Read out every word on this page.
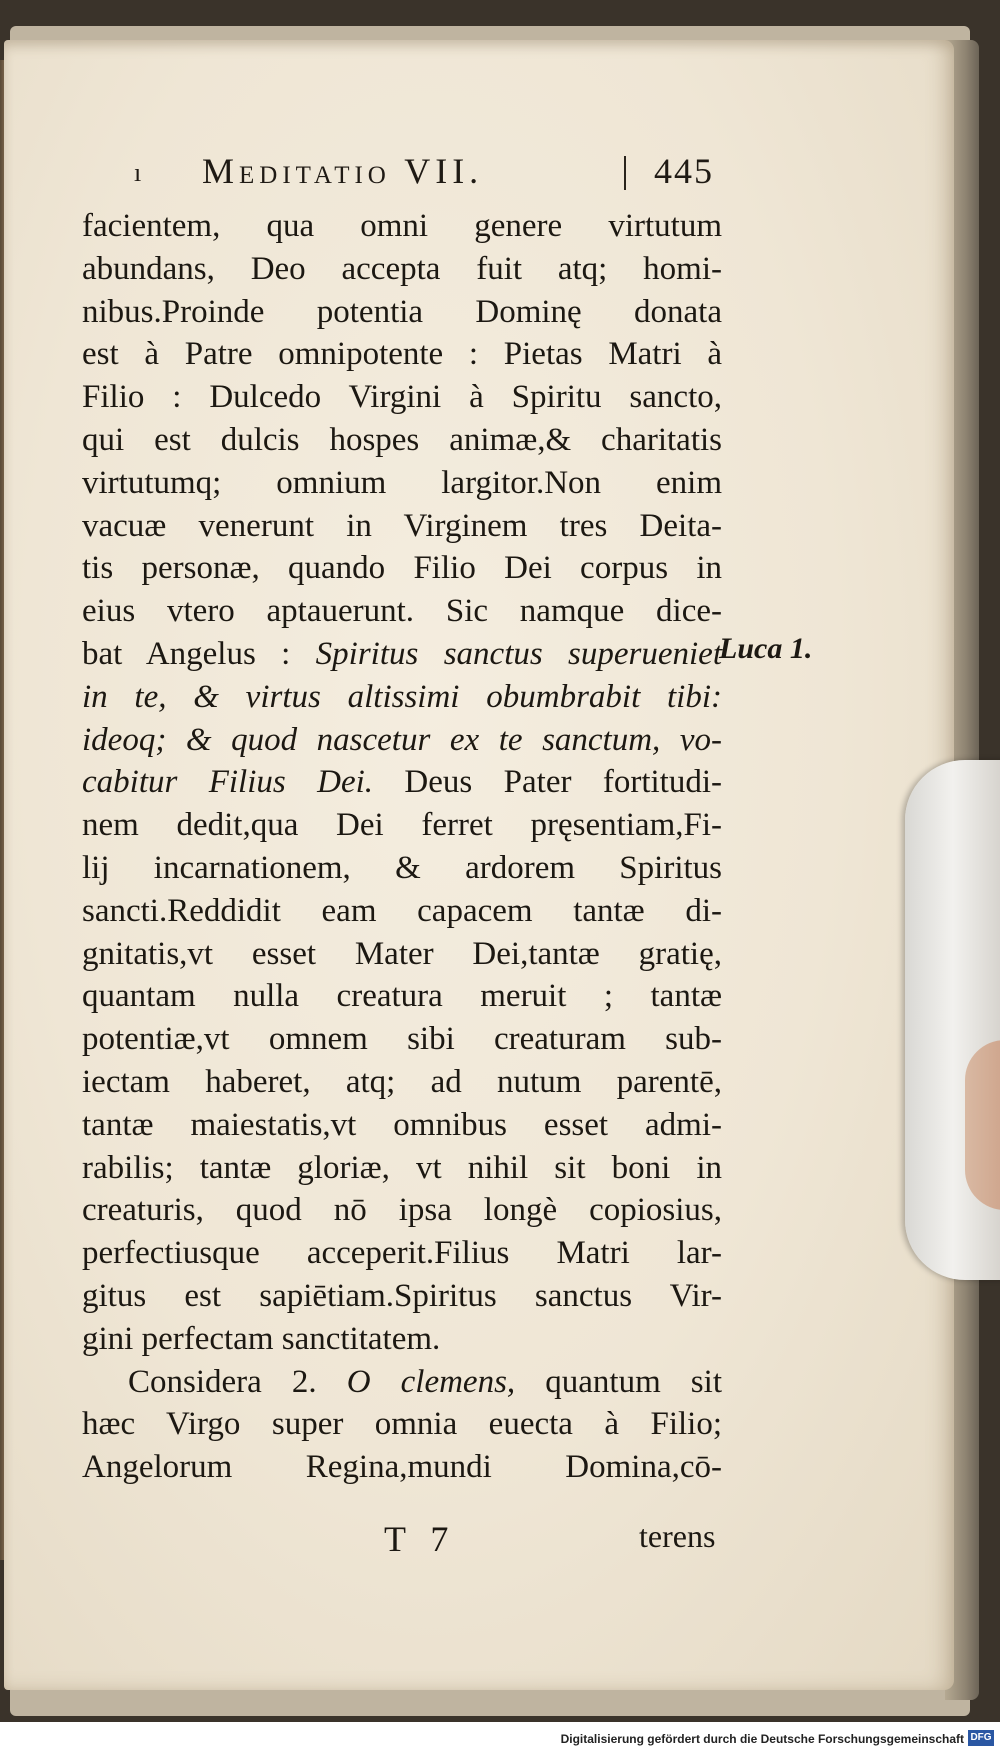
ı Meditatio VII.	445
facientem, qua omni genere virtutum
abundans, Deo accepta fuit atq; homi-
nibus.Proinde potentia Dominę donata
est à Patre omnipotente : Pietas Matri à
Filio : Dulcedo Virgini à Spiritu sancto,
qui est dulcis hospes animæ,& charitatis
virtutumq; omnium largitor.Non enim
vacuæ venerunt in Virginem tres Deita-
tis personæ, quando Filio Dei corpus in
eius vtero aptauerunt. Sic namque dice-
bat Angelus : Spiritus sanctus superueniet
in te, & virtus altissimi obumbrabit tibi:
ideoq; & quod nascetur ex te sanctum, vo-
cabitur Filius Dei. Deus Pater fortitudi-
nem dedit,qua Dei ferret pręsentiam,Fi-
lij incarnationem, & ardorem Spiritus
sancti.Reddidit eam capacem tantæ di-
gnitatis,vt esset Mater Dei,tantæ gratię,
quantam nulla creatura meruit ; tantæ
potentiæ,vt omnem sibi creaturam sub-
iectam haberet, atq; ad nutum parentē,
tantæ maiestatis,vt omnibus esset admi-
rabilis; tantæ gloriæ, vt nihil sit boni in
creaturis, quod nō ipsa longè copiosius,
perfectiusque acceperit.Filius Matri lar-
gitus est sapiētiam.Spiritus sanctus Vir-
gini perfectam sanctitatem.
Considera 2. O clemens, quantum sit
hæc Virgo super omnia euecta à Filio;
Angelorum Regina,mundi Domina,cō-
Luca 1.
T 7	terens
Digitalisierung gefördert durch die Deutsche Forschungsgemeinschaft DFG
